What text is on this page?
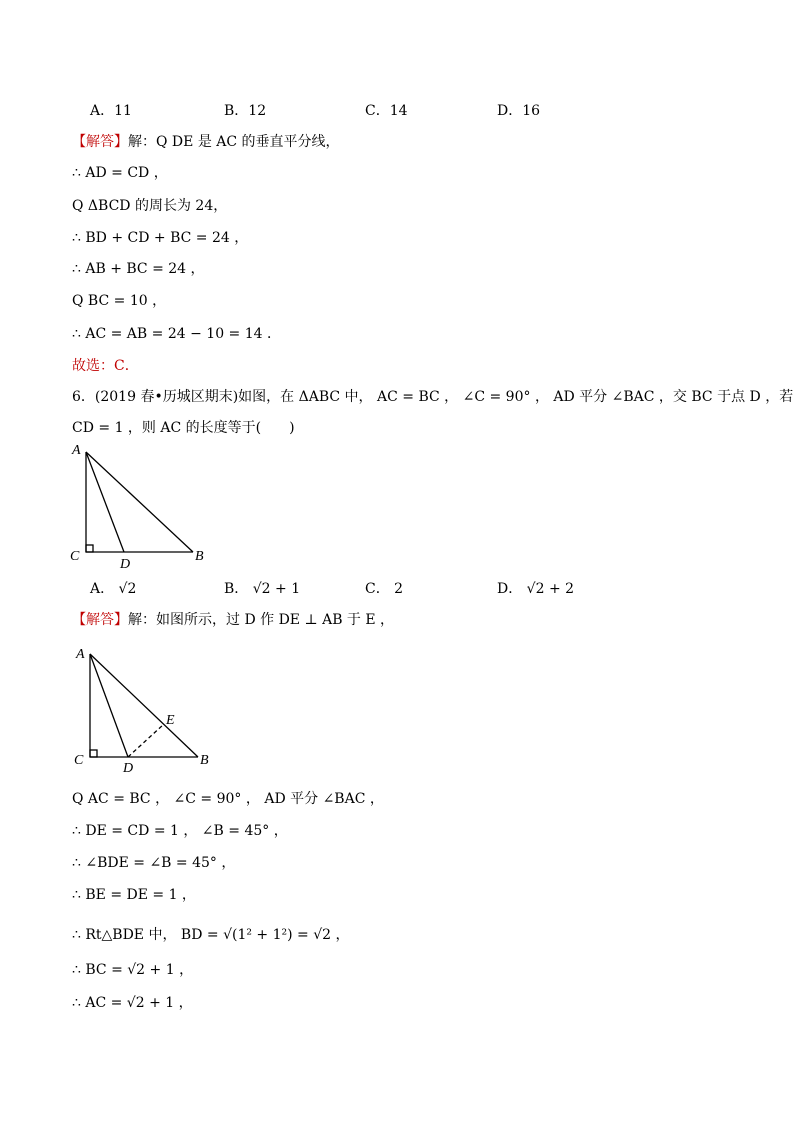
A．11	B．12	C．14	D．16
【解答】解：Q DE 是 AC 的垂直平分线，
∴ AD = CD ，
Q ΔBCD 的周长为 24，
∴ BD + CD + BC = 24 ，
∴ AB + BC = 24 ，
Q BC = 10 ，
∴ AC = AB = 24 − 10 = 14 ．
故选：C．
6．(2019 春•历城区期末)如图，在 ΔABC 中， AC = BC ， ∠C = 90° ， AD 平分 ∠BAC ，交 BC 于点 D ，若
CD = 1 ，则 AC 的长度等于(　　)
A
C
D
B
A． √2	B． √2 + 1	C． 2	D． √2 + 2
【解答】解：如图所示，过 D 作 DE ⊥ AB 于 E ，
A
E
C
D
B
Q AC = BC ， ∠C = 90° ， AD 平分 ∠BAC ，
∴ DE = CD = 1 ， ∠B = 45° ，
∴ ∠BDE = ∠B = 45° ，
∴ BE = DE = 1 ，
∴ Rt△BDE 中， BD = √(1² + 1²) = √2 ，
∴ BC = √2 + 1 ，
∴ AC = √2 + 1 ，
